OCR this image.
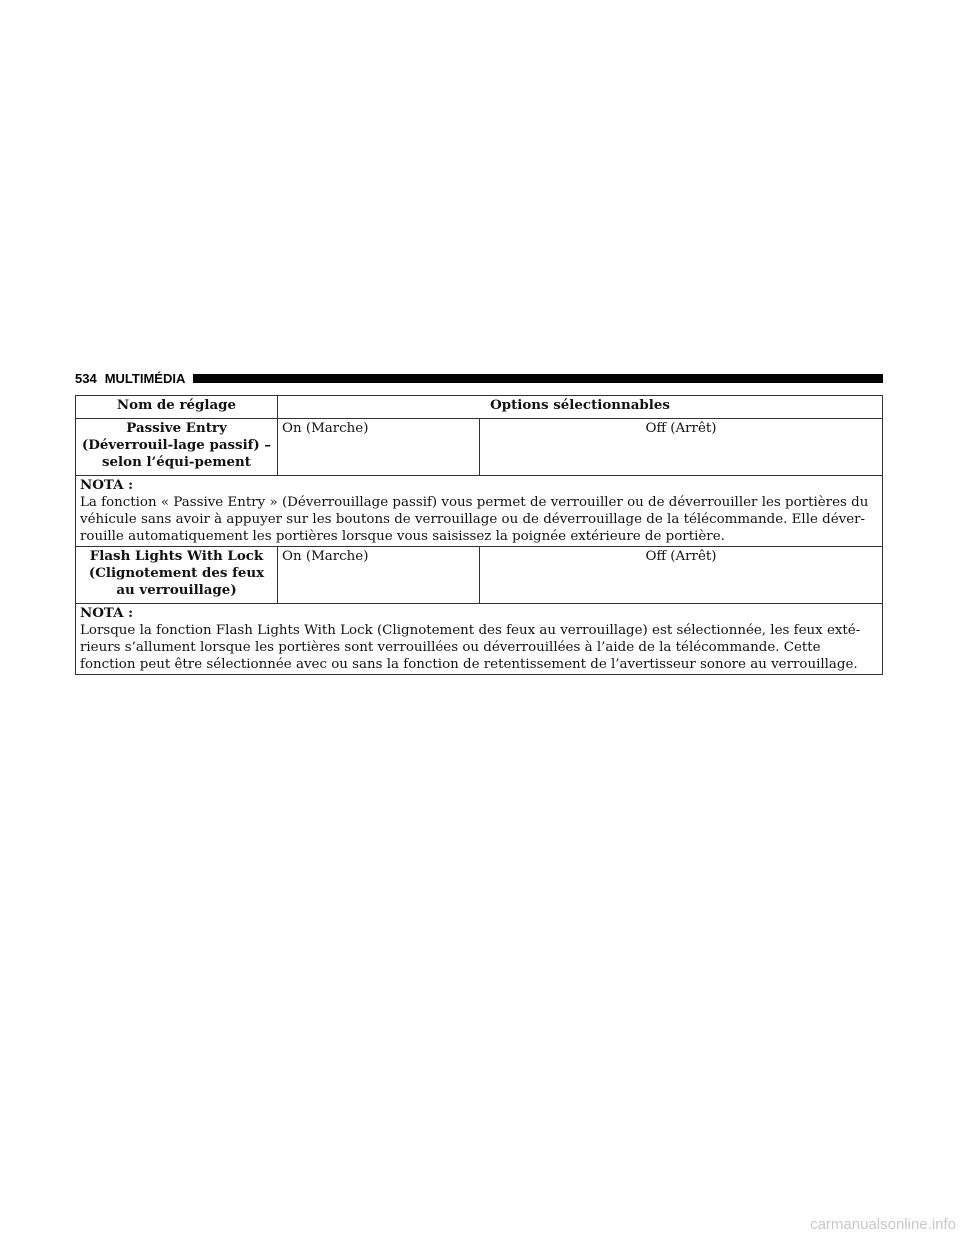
534 MULTIMÉDIA
Nom de réglage	Options sélectionnables	
Passive Entry (Déverrouil-lage passif) – selon l’équi-pement	On (Marche)	Off (Arrêt)

NOTA :
La fonction « Passive Entry » (Déverrouillage passif) vous permet de verrouiller ou de déverrouiller les portières du véhicule sans avoir à appuyer sur les boutons de verrouillage ou de déverrouillage de la télécommande. Elle déver-rouille automatiquement les portières lorsque vous saisissez la poignée extérieure de portière.		

Flash Lights With Lock (Clignotement des feux au verrouillage)	On (Marche)	Off (Arrêt)

NOTA :
Lorsque la fonction Flash Lights With Lock (Clignotement des feux au verrouillage) est sélectionnée, les feux exté-rieurs s’allument lorsque les portières sont verrouillées ou déverrouillées à l’aide de la télécommande. Cette fonction peut être sélectionnée avec ou sans la fonction de retentissement de l’avertisseur sonore au verrouillage.		
carmanualsonline.info
